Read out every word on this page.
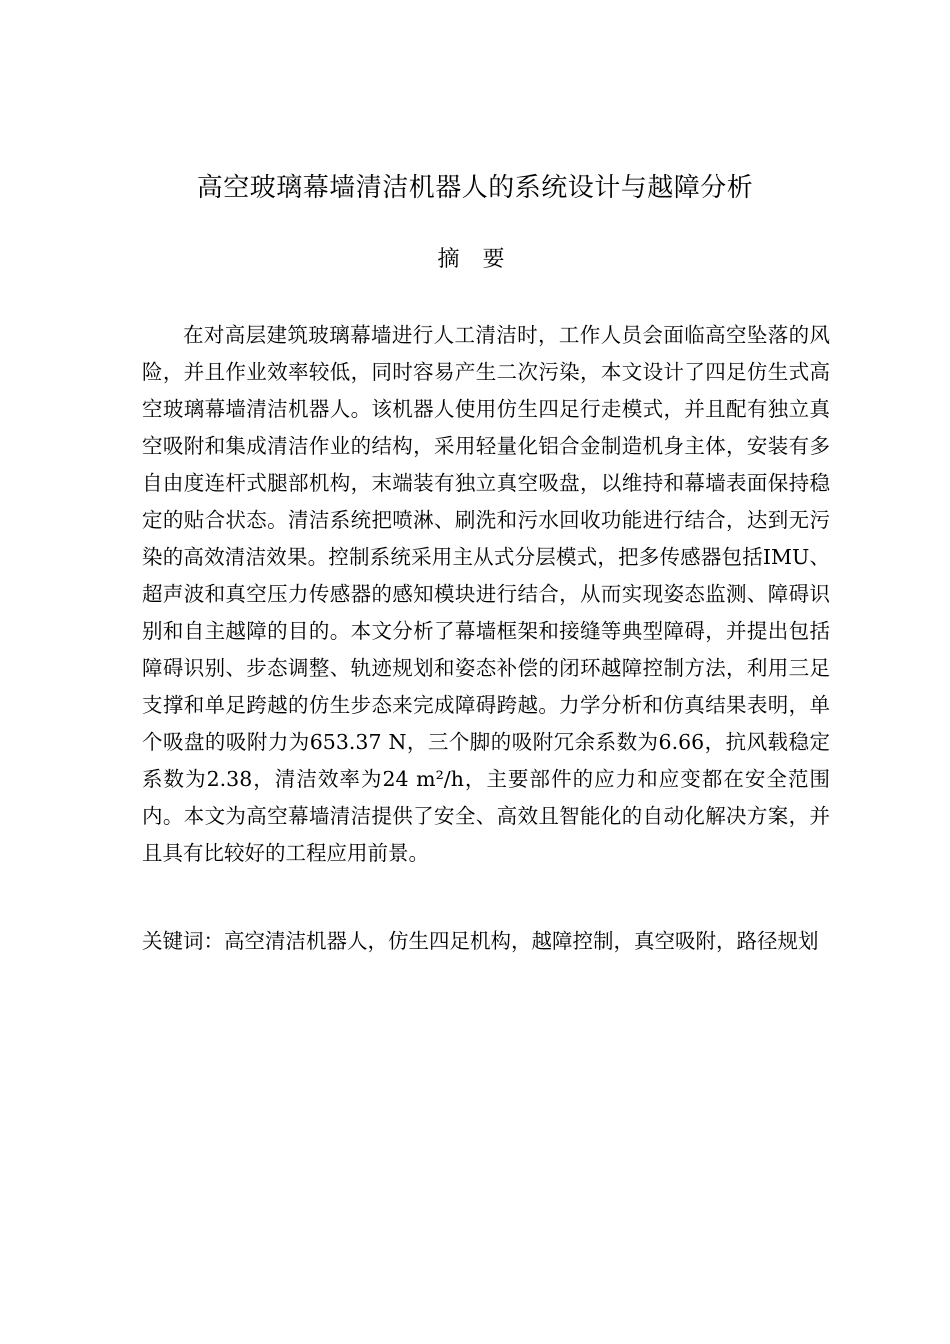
高空玻璃幕墙清洁机器人的系统设计与越障分析
摘 要

在对高层建筑玻璃幕墙进行人工清洁时，工作人员会面临高空坠落的风险，并且作业效率较低，同时容易产生二次污染，本文设计了四足仿生式高空玻璃幕墙清洁机器人。该机器人使用仿生四足行走模式，并且配有独立真空吸附和集成清洁作业的结构，采用轻量化铝合金制造机身主体，安装有多自由度连杆式腿部机构，末端装有独立真空吸盘，以维持和幕墙表面保持稳定的贴合状态。清洁系统把喷淋、刷洗和污水回收功能进行结合，达到无污染的高效清洁效果。控制系统采用主从式分层模式，把多传感器包括IMU、超声波和真空压力传感器的感知模块进行结合，从而实现姿态监测、障碍识别和自主越障的目的。本文分析了幕墙框架和接缝等典型障碍，并提出包括障碍识别、步态调整、轨迹规划和姿态补偿的闭环越障控制方法，利用三足支撑和单足跨越的仿生步态来完成障碍跨越。力学分析和仿真结果表明，单个吸盘的吸附力为653.37 N，三个脚的吸附冗余系数为6.66，抗风载稳定系数为2.38，清洁效率为24 m²/h，主要部件的应力和应变都在安全范围内。本文为高空幕墙清洁提供了安全、高效且智能化的自动化解决方案，并且具有比较好的工程应用前景。

关键词：高空清洁机器人，仿生四足机构，越障控制，真空吸附，路径规划
